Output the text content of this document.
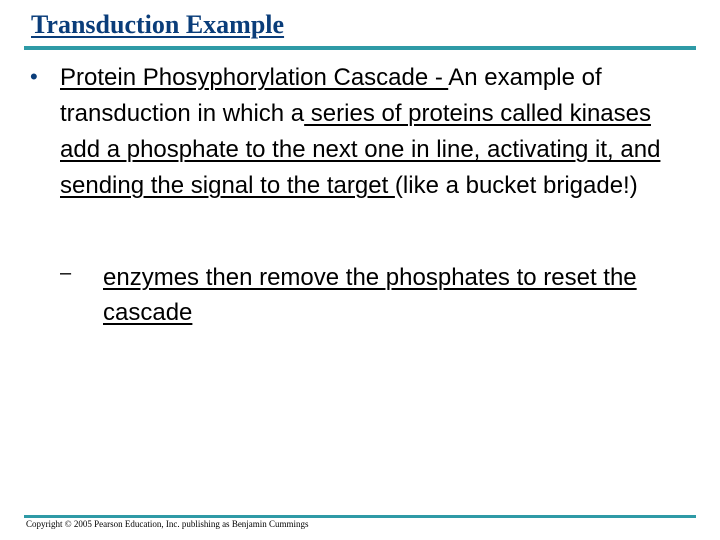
Transduction Example
• Protein Phosyphorylation Cascade - An example of transduction in which a series of proteins called kinases add a phosphate to the next one in line, activating it, and sending the signal to the target (like a bucket brigade!)
– enzymes then remove the phosphates to reset the cascade
Copyright © 2005 Pearson Education, Inc. publishing as Benjamin Cummings
